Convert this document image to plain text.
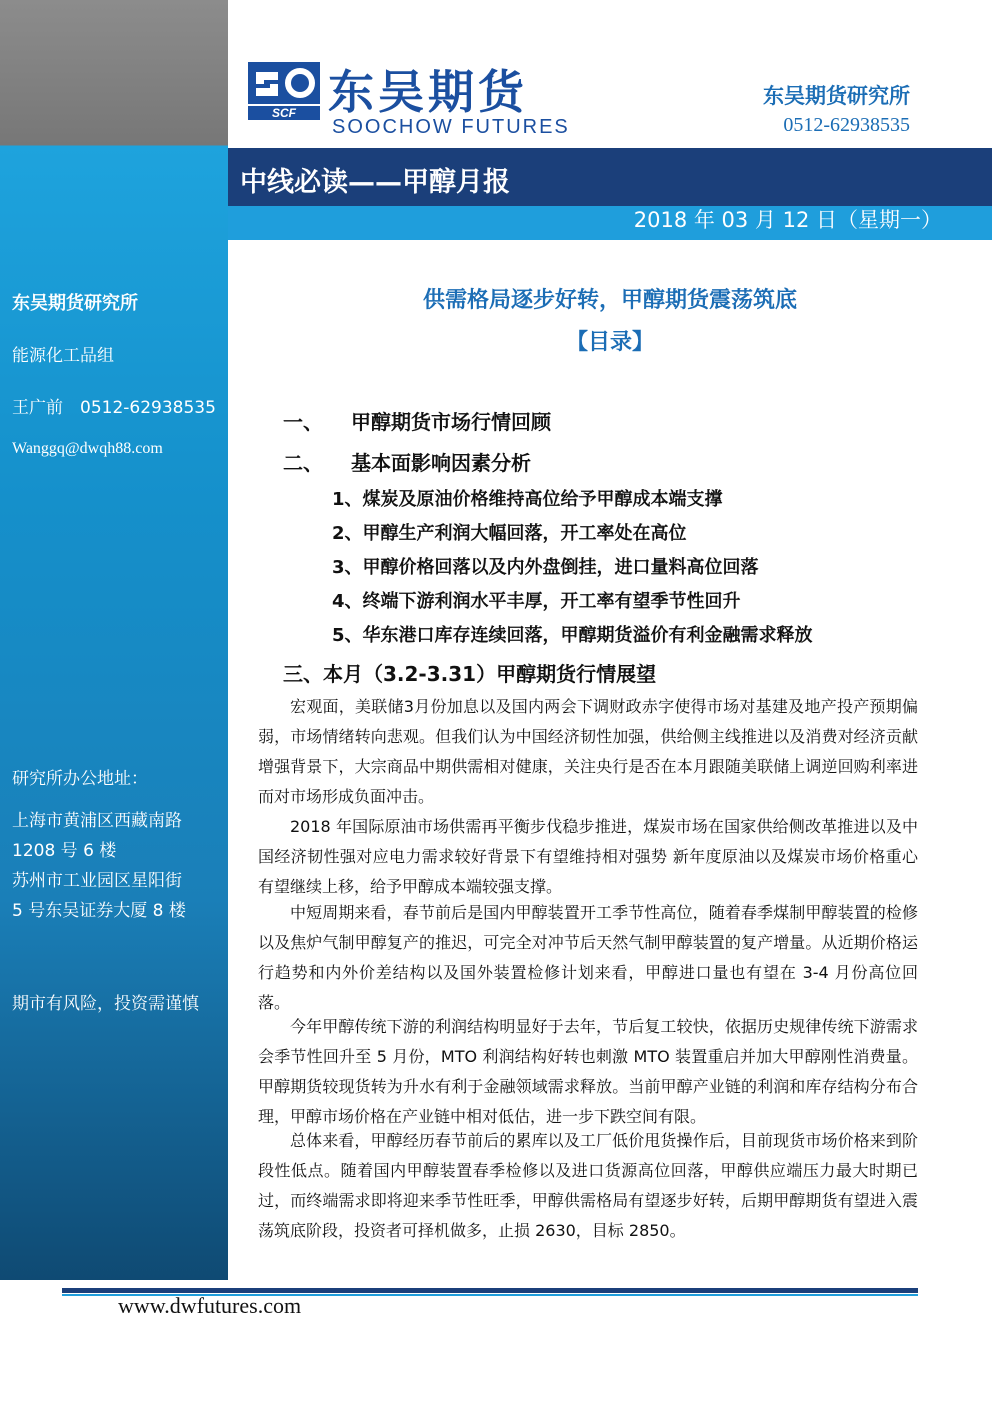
东吴期货研究所
能源化工品组
王广前　0512-62938535
Wanggq@dwqh88.com
研究所办公地址：
上海市黄浦区西藏南路
1208 号 6 楼
苏州市工业园区星阳街
5 号东吴证券大厦 8 楼
期市有风险，投资需谨慎
SCF 东吴期货
SOOCHOW FUTURES
东吴期货研究所
0512-62938535
中线必读——甲醇月报
2018 年 03 月 12 日（星期一）
供需格局逐步好转，甲醇期货震荡筑底
【目录】
一、 甲醇期货市场行情回顾
二、 基本面影响因素分析
1、煤炭及原油价格维持高位给予甲醇成本端支撑
2、甲醇生产利润大幅回落，开工率处在高位
3、甲醇价格回落以及内外盘倒挂，进口量料高位回落
4、终端下游利润水平丰厚，开工率有望季节性回升
5、华东港口库存连续回落，甲醇期货溢价有利金融需求释放
三、本月（3.2-3.31）甲醇期货行情展望
宏观面，美联储3月份加息以及国内两会下调财政赤字使得市场对基建及地产投产预期偏弱，市场情绪转向悲观。但我们认为中国经济韧性加强，供给侧主线推进以及消费对经济贡献增强背景下，大宗商品中期供需相对健康，关注央行是否在本月跟随美联储上调逆回购利率进而对市场形成负面冲击。
2018 年国际原油市场供需再平衡步伐稳步推进，煤炭市场在国家供给侧改革推进以及中国经济韧性强对应电力需求较好背景下有望维持相对强势 新年度原油以及煤炭市场价格重心有望继续上移，给予甲醇成本端较强支撑。
中短周期来看，春节前后是国内甲醇装置开工季节性高位，随着春季煤制甲醇装置的检修以及焦炉气制甲醇复产的推迟，可完全对冲节后天然气制甲醇装置的复产增量。从近期价格运行趋势和内外价差结构以及国外装置检修计划来看，甲醇进口量也有望在 3-4 月份高位回落。
今年甲醇传统下游的利润结构明显好于去年，节后复工较快，依据历史规律传统下游需求会季节性回升至 5 月份，MTO 利润结构好转也刺激 MTO 装置重启并加大甲醇刚性消费量。甲醇期货较现货转为升水有利于金融领域需求释放。当前甲醇产业链的利润和库存结构分布合理，甲醇市场价格在产业链中相对低估，进一步下跌空间有限。
总体来看，甲醇经历春节前后的累库以及工厂低价甩货操作后，目前现货市场价格来到阶段性低点。随着国内甲醇装置春季检修以及进口货源高位回落，甲醇供应端压力最大时期已过，而终端需求即将迎来季节性旺季，甲醇供需格局有望逐步好转，后期甲醇期货有望进入震荡筑底阶段，投资者可择机做多，止损 2630，目标 2850。
www.dwfutures.com
